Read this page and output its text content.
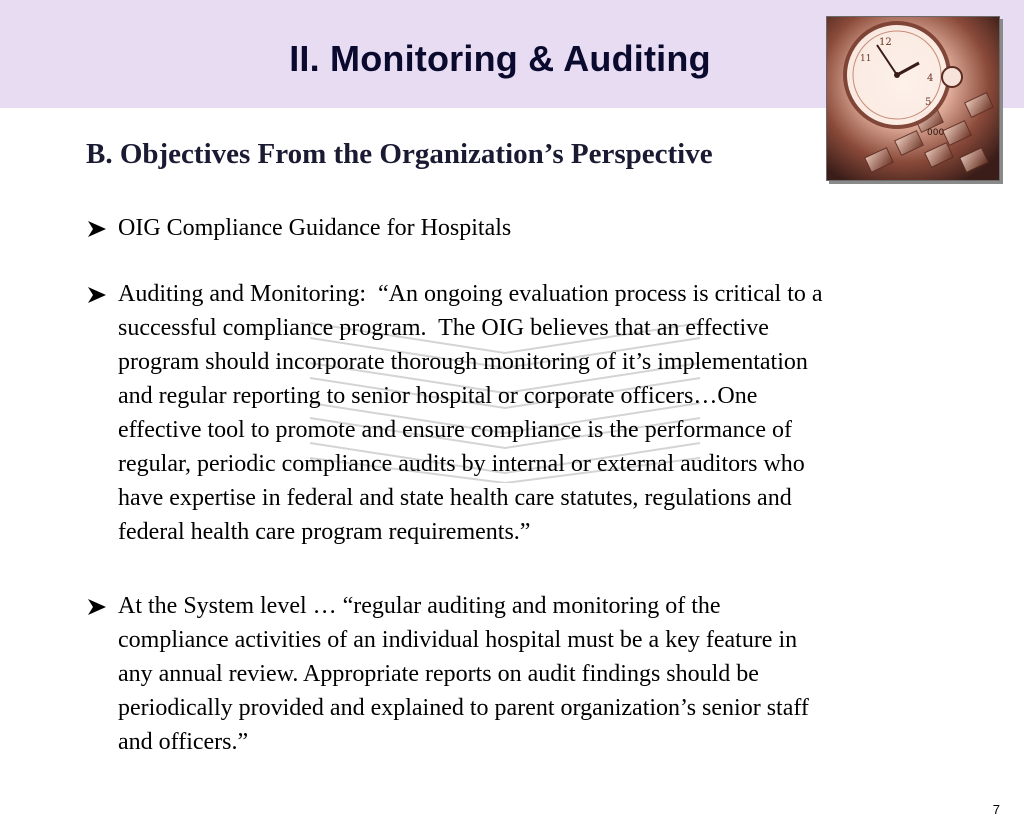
II. Monitoring & Auditing	12
11
5
4
000
B. Objectives From the Organization’s Perspective
OIG Compliance Guidance for Hospitals
Auditing and Monitoring:  “An ongoing evaluation process is critical to a
successful compliance program.  The OIG believes that an effective
program should incorporate thorough monitoring of it’s implementation
and regular reporting to senior hospital or corporate officers…One
effective tool to promote and ensure compliance is the performance of
regular, periodic compliance audits by internal or external auditors who
have expertise in federal and state health care statutes, regulations and
federal health care program requirements.”
At the System level … “regular auditing and monitoring of the
compliance activities of an individual hospital must be a key feature in
any annual review. Appropriate reports on audit findings should be
periodically provided and explained to parent organization’s senior staff
and officers.”
7
